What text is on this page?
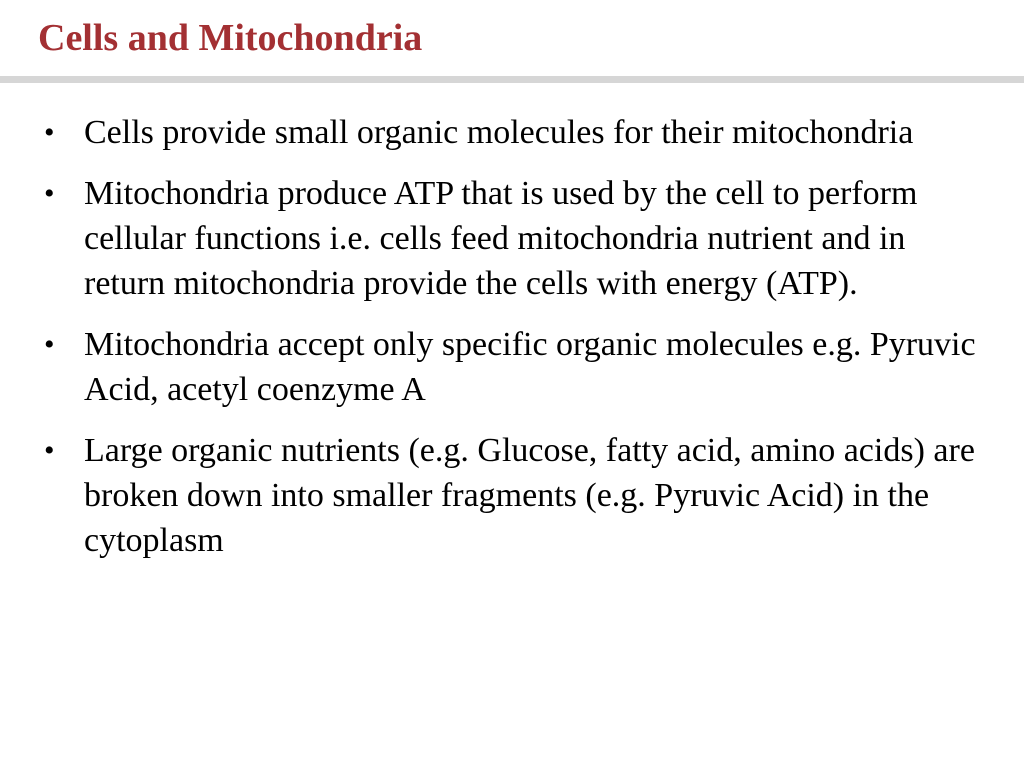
Cells and Mitochondria
• Cells provide small organic molecules for their mitochondria
• Mitochondria produce ATP that is used by the cell to perform cellular functions i.e. cells feed mitochondria nutrient and in return mitochondria provide the cells with energy (ATP).
• Mitochondria accept only specific organic molecules e.g. Pyruvic Acid, acetyl coenzyme A
• Large organic nutrients (e.g. Glucose, fatty acid, amino acids) are broken down into smaller fragments (e.g. Pyruvic Acid) in the cytoplasm
